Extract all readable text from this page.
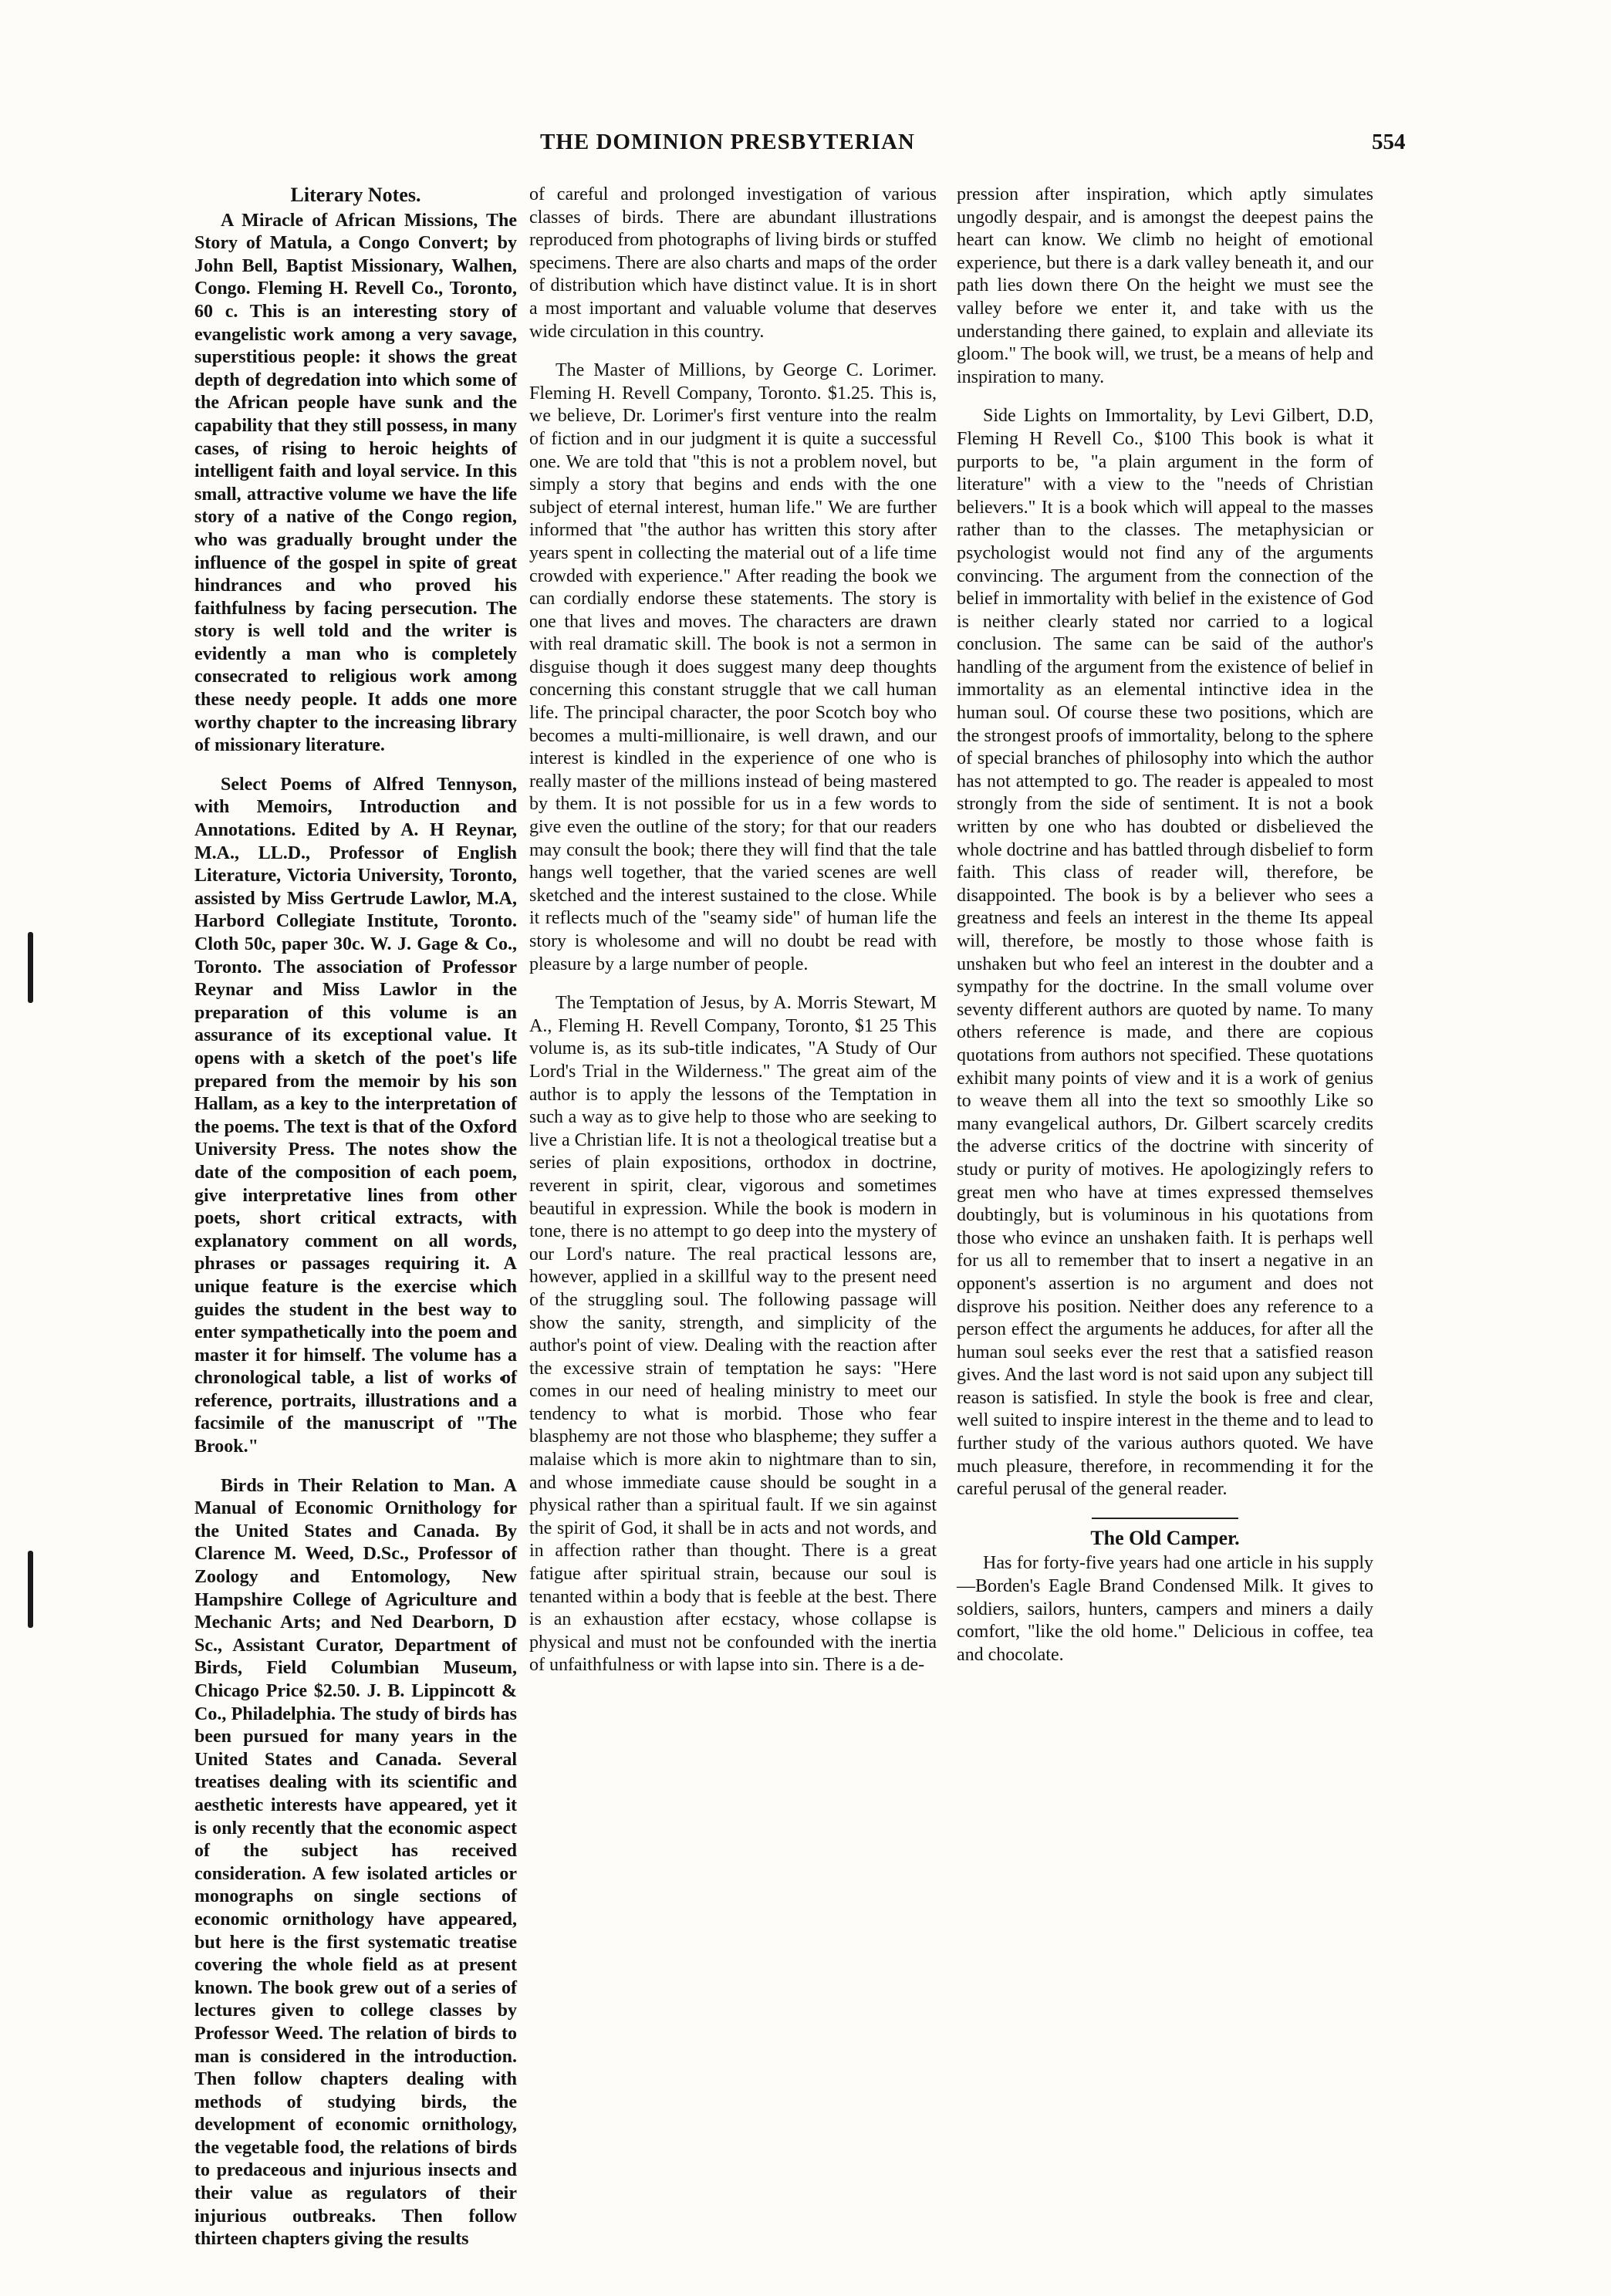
THE DOMINION PRESBYTERIAN	554
Literary Notes.

A Miracle of African Missions, The Story of Matula, a Congo Convert; by John Bell, Baptist Missionary, Walhen, Congo. Fleming H. Revell Co., Toronto, 60 c. This is an interesting story of evangelistic work among a very savage, superstitious people: it shows the great depth of degredation into which some of the African people have sunk and the capability that they still possess, in many cases, of rising to heroic heights of intelligent faith and loyal service. In this small, attractive volume we have the life story of a native of the Congo region, who was gradually brought under the influence of the gospel in spite of great hindrances and who proved his faithfulness by facing persecution. The story is well told and the writer is evidently a man who is completely consecrated to religious work among these needy people. It adds one more worthy chapter to the increasing library of missionary literature.

Select Poems of Alfred Tennyson, with Memoirs, Introduction and Annotations. Edited by A. H Reynar, M.A., LL.D., Professor of English Literature, Victoria University, Toronto, assisted by Miss Gertrude Lawlor, M.A, Harbord Collegiate Institute, Toronto. Cloth 50c, paper 30c. W. J. Gage & Co., Toronto. The association of Professor Reynar and Miss Lawlor in the preparation of this volume is an assurance of its exceptional value. It opens with a sketch of the poet's life prepared from the memoir by his son Hallam, as a key to the interpretation of the poems. The text is that of the Oxford University Press. The notes show the date of the composition of each poem, give interpretative lines from other poets, short critical extracts, with explanatory comment on all words, phrases or passages requiring it. A unique feature is the exercise which guides the student in the best way to enter sympathetically into the poem and master it for himself. The volume has a chronological table, a list of works of reference, portraits, illustrations and a facsimile of the manuscript of "The Brook."

Birds in Their Relation to Man. A Manual of Economic Ornithology for the United States and Canada. By Clarence M. Weed, D.Sc., Professor of Zoology and Entomology, New Hampshire College of Agriculture and Mechanic Arts; and Ned Dearborn, D Sc., Assistant Curator, Department of Birds, Field Columbian Museum, Chicago Price $2.50. J. B. Lippincott & Co., Philadelphia. The study of birds has been pursued for many years in the United States and Canada. Several treatises dealing with its scientific and aesthetic interests have appeared, yet it is only recently that the economic aspect of the subject has received consideration. A few isolated articles or monographs on single sections of economic ornithology have appeared, but here is the first systematic treatise covering the whole field as at present known. The book grew out of a series of lectures given to college classes by Professor Weed. The relation of birds to man is considered in the introduction. Then follow chapters dealing with methods of studying birds, the development of economic ornithology, the vegetable food, the relations of birds to predaceous and injurious insects and their value as regulators of their injurious outbreaks. Then follow thirteen chapters giving the results

of careful and prolonged investigation of various classes of birds. There are abundant illustrations reproduced from photographs of living birds or stuffed specimens. There are also charts and maps of the order of distribution which have distinct value. It is in short a most important and valuable volume that deserves wide circulation in this country.

The Master of Millions, by George C. Lorimer. Fleming H. Revell Company, Toronto. $1.25. This is, we believe, Dr. Lorimer's first venture into the realm of fiction and in our judgment it is quite a successful one. We are told that "this is not a problem novel, but simply a story that begins and ends with the one subject of eternal interest, human life." We are further informed that "the author has written this story after years spent in collecting the material out of a life time crowded with experience." After reading the book we can cordially endorse these statements. The story is one that lives and moves. The characters are drawn with real dramatic skill. The book is not a sermon in disguise though it does suggest many deep thoughts concerning this constant struggle that we call human life. The principal character, the poor Scotch boy who becomes a multi-millionaire, is well drawn, and our interest is kindled in the experience of one who is really master of the millions instead of being mastered by them. It is not possible for us in a few words to give even the outline of the story; for that our readers may consult the book; there they will find that the tale hangs well together, that the varied scenes are well sketched and the interest sustained to the close. While it reflects much of the "seamy side" of human life the story is wholesome and will no doubt be read with pleasure by a large number of people.

The Temptation of Jesus, by A. Morris Stewart, M A., Fleming H. Revell Company, Toronto, $1 25 This volume is, as its sub-title indicates, "A Study of Our Lord's Trial in the Wilderness." The great aim of the author is to apply the lessons of the Temptation in such a way as to give help to those who are seeking to live a Christian life. It is not a theological treatise but a series of plain expositions, orthodox in doctrine, reverent in spirit, clear, vigorous and sometimes beautiful in expression. While the book is modern in tone, there is no attempt to go deep into the mystery of our Lord's nature. The real practical lessons are, however, applied in a skillful way to the present need of the struggling soul. The following passage will show the sanity, strength, and simplicity of the author's point of view. Dealing with the reaction after the excessive strain of temptation he says: "Here comes in our need of healing ministry to meet our tendency to what is morbid. Those who fear blasphemy are not those who blaspheme; they suffer a malaise which is more akin to nightmare than to sin, and whose immediate cause should be sought in a physical rather than a spiritual fault. If we sin against the spirit of God, it shall be in acts and not words, and in affection rather than thought. There is a great fatigue after spiritual strain, because our soul is tenanted within a body that is feeble at the best. There is an exhaustion after ecstacy, whose collapse is physical and must not be confounded with the inertia of unfaithfulness or with lapse into sin. There is a de-

pression after inspiration, which aptly simulates ungodly despair, and is amongst the deepest pains the heart can know. We climb no height of emotional experience, but there is a dark valley beneath it, and our path lies down there On the height we must see the valley before we enter it, and take with us the understanding there gained, to explain and alleviate its gloom." The book will, we trust, be a means of help and inspiration to many.

Side Lights on Immortality, by Levi Gilbert, D.D, Fleming H Revell Co., $100 This book is what it purports to be, "a plain argument in the form of literature" with a view to the "needs of Christian believers." It is a book which will appeal to the masses rather than to the classes. The metaphysician or psychologist would not find any of the arguments convincing. The argument from the connection of the belief in immortality with belief in the existence of God is neither clearly stated nor carried to a logical conclusion. The same can be said of the author's handling of the argument from the existence of belief in immortality as an elemental intinctive idea in the human soul. Of course these two positions, which are the strongest proofs of immortality, belong to the sphere of special branches of philosophy into which the author has not attempted to go. The reader is appealed to most strongly from the side of sentiment. It is not a book written by one who has doubted or disbelieved the whole doctrine and has battled through disbelief to form faith. This class of reader will, therefore, be disappointed. The book is by a believer who sees a greatness and feels an interest in the theme Its appeal will, therefore, be mostly to those whose faith is unshaken but who feel an interest in the doubter and a sympathy for the doctrine. In the small volume over seventy different authors are quoted by name. To many others reference is made, and there are copious quotations from authors not specified. These quotations exhibit many points of view and it is a work of genius to weave them all into the text so smoothly Like so many evangelical authors, Dr. Gilbert scarcely credits the adverse critics of the doctrine with sincerity of study or purity of motives. He apologizingly refers to great men who have at times expressed themselves doubtingly, but is voluminous in his quotations from those who evince an unshaken faith. It is perhaps well for us all to remember that to insert a negative in an opponent's assertion is no argument and does not disprove his position. Neither does any reference to a person effect the arguments he adduces, for after all the human soul seeks ever the rest that a satisfied reason gives. And the last word is not said upon any subject till reason is satisfied. In style the book is free and clear, well suited to inspire interest in the theme and to lead to further study of the various authors quoted. We have much pleasure, therefore, in recommending it for the careful perusal of the general reader.

The Old Camper.

Has for forty-five years had one article in his supply—Borden's Eagle Brand Condensed Milk. It gives to soldiers, sailors, hunters, campers and miners a daily comfort, "like the old home." Delicious in coffee, tea and chocolate.
